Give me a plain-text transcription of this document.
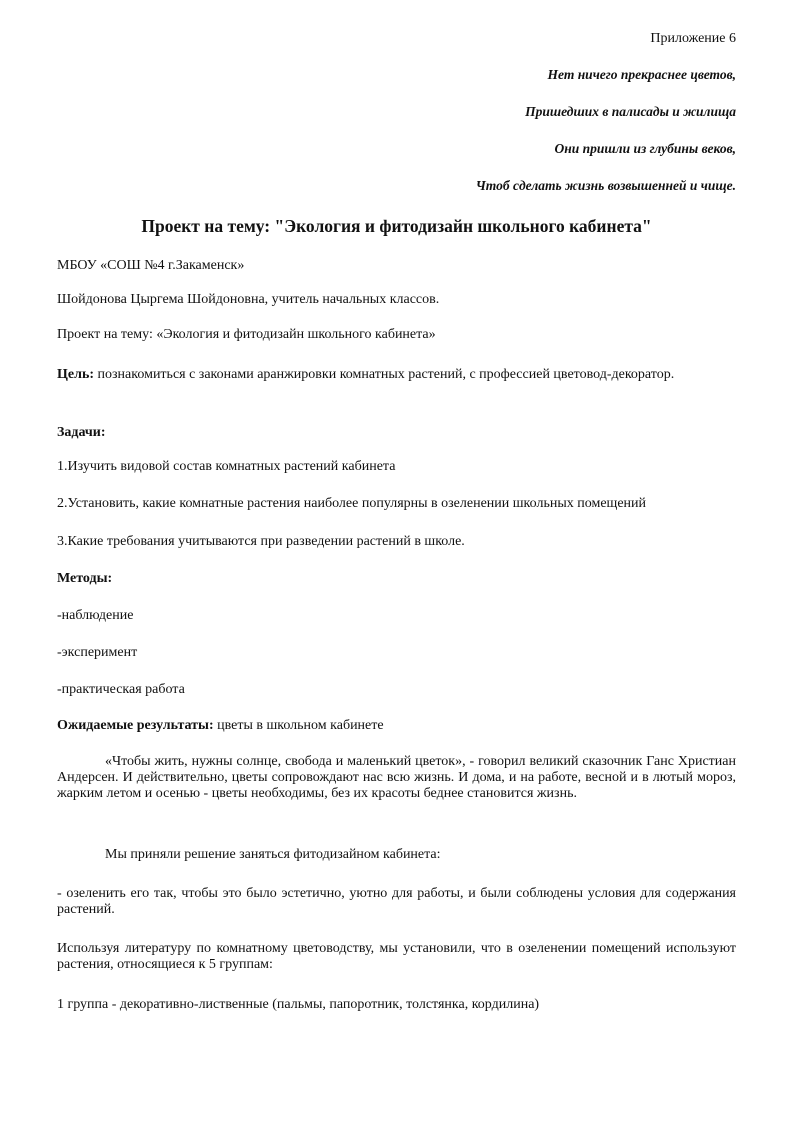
Приложение 6
Нет ничего прекраснее цветов,
Пришедших в палисады и жилища
Они пришли из глубины веков,
Чтоб сделать жизнь возвышенней и чище.
Проект на тему: "Экология и фитодизайн школьного кабинета"
МБОУ «СОШ №4 г.Закаменск»
Шойдонова Цыргема Шойдоновна, учитель начальных классов.
Проект на тему: «Экология и фитодизайн школьного кабинета»
Цель: познакомиться с законами аранжировки комнатных растений, с профессией цветовод-декоратор.
Задачи:
1.Изучить видовой состав комнатных растений кабинета
2.Установить, какие комнатные растения наиболее популярны в озеленении школьных помещений
3.Какие требования учитываются при разведении растений в школе.
Методы:
-наблюдение
-эксперимент
-практическая работа
Ожидаемые результаты: цветы в школьном кабинете
«Чтобы жить, нужны солнце, свобода и маленький цветок», - говорил великий сказочник Ганс Христиан Андерсен. И действительно, цветы сопровождают нас всю жизнь. И дома, и на работе, весной и в лютый мороз, жарким летом и осенью - цветы необходимы, без их красоты беднее становится жизнь.
Мы приняли решение заняться фитодизайном кабинета:
- озеленить его так, чтобы это было эстетично, уютно для работы, и были соблюдены условия для содержания растений.
Используя литературу по комнатному цветоводству, мы установили, что в озеленении помещений используют растения, относящиеся к 5 группам:
1 группа - декоративно-лиственные (пальмы, папоротник, толстянка, кордилина)
